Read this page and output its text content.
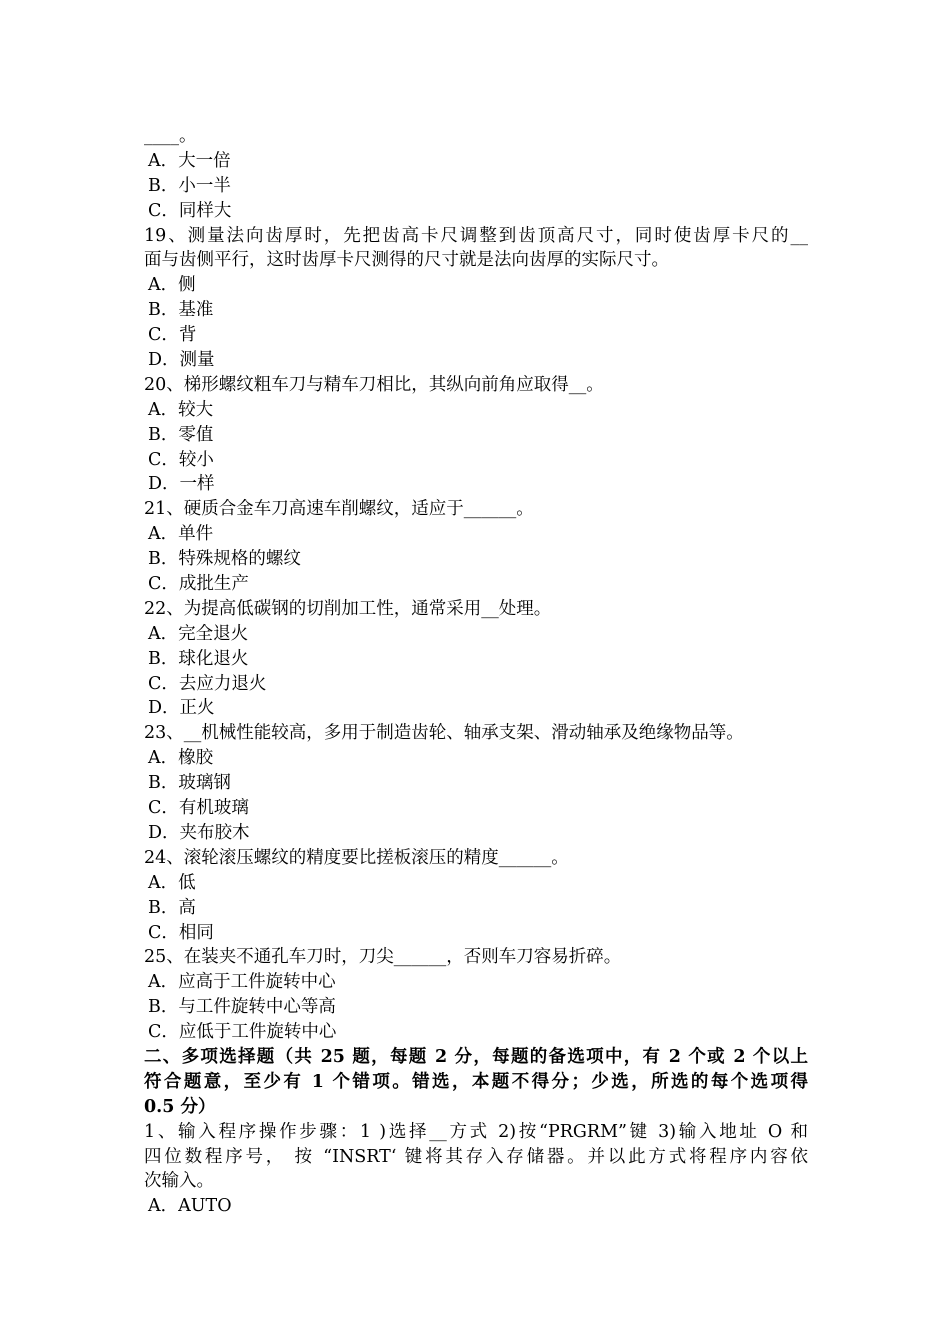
____。
A．大一倍
B．小一半
C．同样大
19、测量法向齿厚时，先把齿高卡尺调整到齿顶高尺寸，同时使齿厚卡尺的__
面与齿侧平行，这时齿厚卡尺测得的尺寸就是法向齿厚的实际尺寸。
A．侧
B．基准
C．背
D．测量
20、梯形螺纹粗车刀与精车刀相比，其纵向前角应取得__。
A．较大
B．零值
C．较小
D．一样
21、硬质合金车刀高速车削螺纹，适应于______。
A．单件
B．特殊规格的螺纹
C．成批生产
22、为提高低碳钢的切削加工性，通常采用__处理。
A．完全退火
B．球化退火
C．去应力退火
D．正火
23、__机械性能较高，多用于制造齿轮、轴承支架、滑动轴承及绝缘物品等。
A．橡胶
B．玻璃钢
C．有机玻璃
D．夹布胶木
24、滚轮滚压螺纹的精度要比搓板滚压的精度______。
A．低
B．高
C．相同
25、在装夹不通孔车刀时，刀尖______，否则车刀容易折碎。
A．应高于工件旋转中心
B．与工件旋转中心等高
C．应低于工件旋转中心
二、多项选择题（共 25 题，每题 2 分，每题的备选项中，有 2 个或 2 个以上
符合题意，至少有 1 个错项。错选，本题不得分；少选，所选的每个选项得
0.5 分）
1、输入程序操作步骤：1 )选择__方式 2)按“PRGRM”键 3)输入地址 O 和
四位数程序号， 按 “INSRT‘ 键将其存入存储器。并以此方式将程序内容依
次输入。
A．AUTO
